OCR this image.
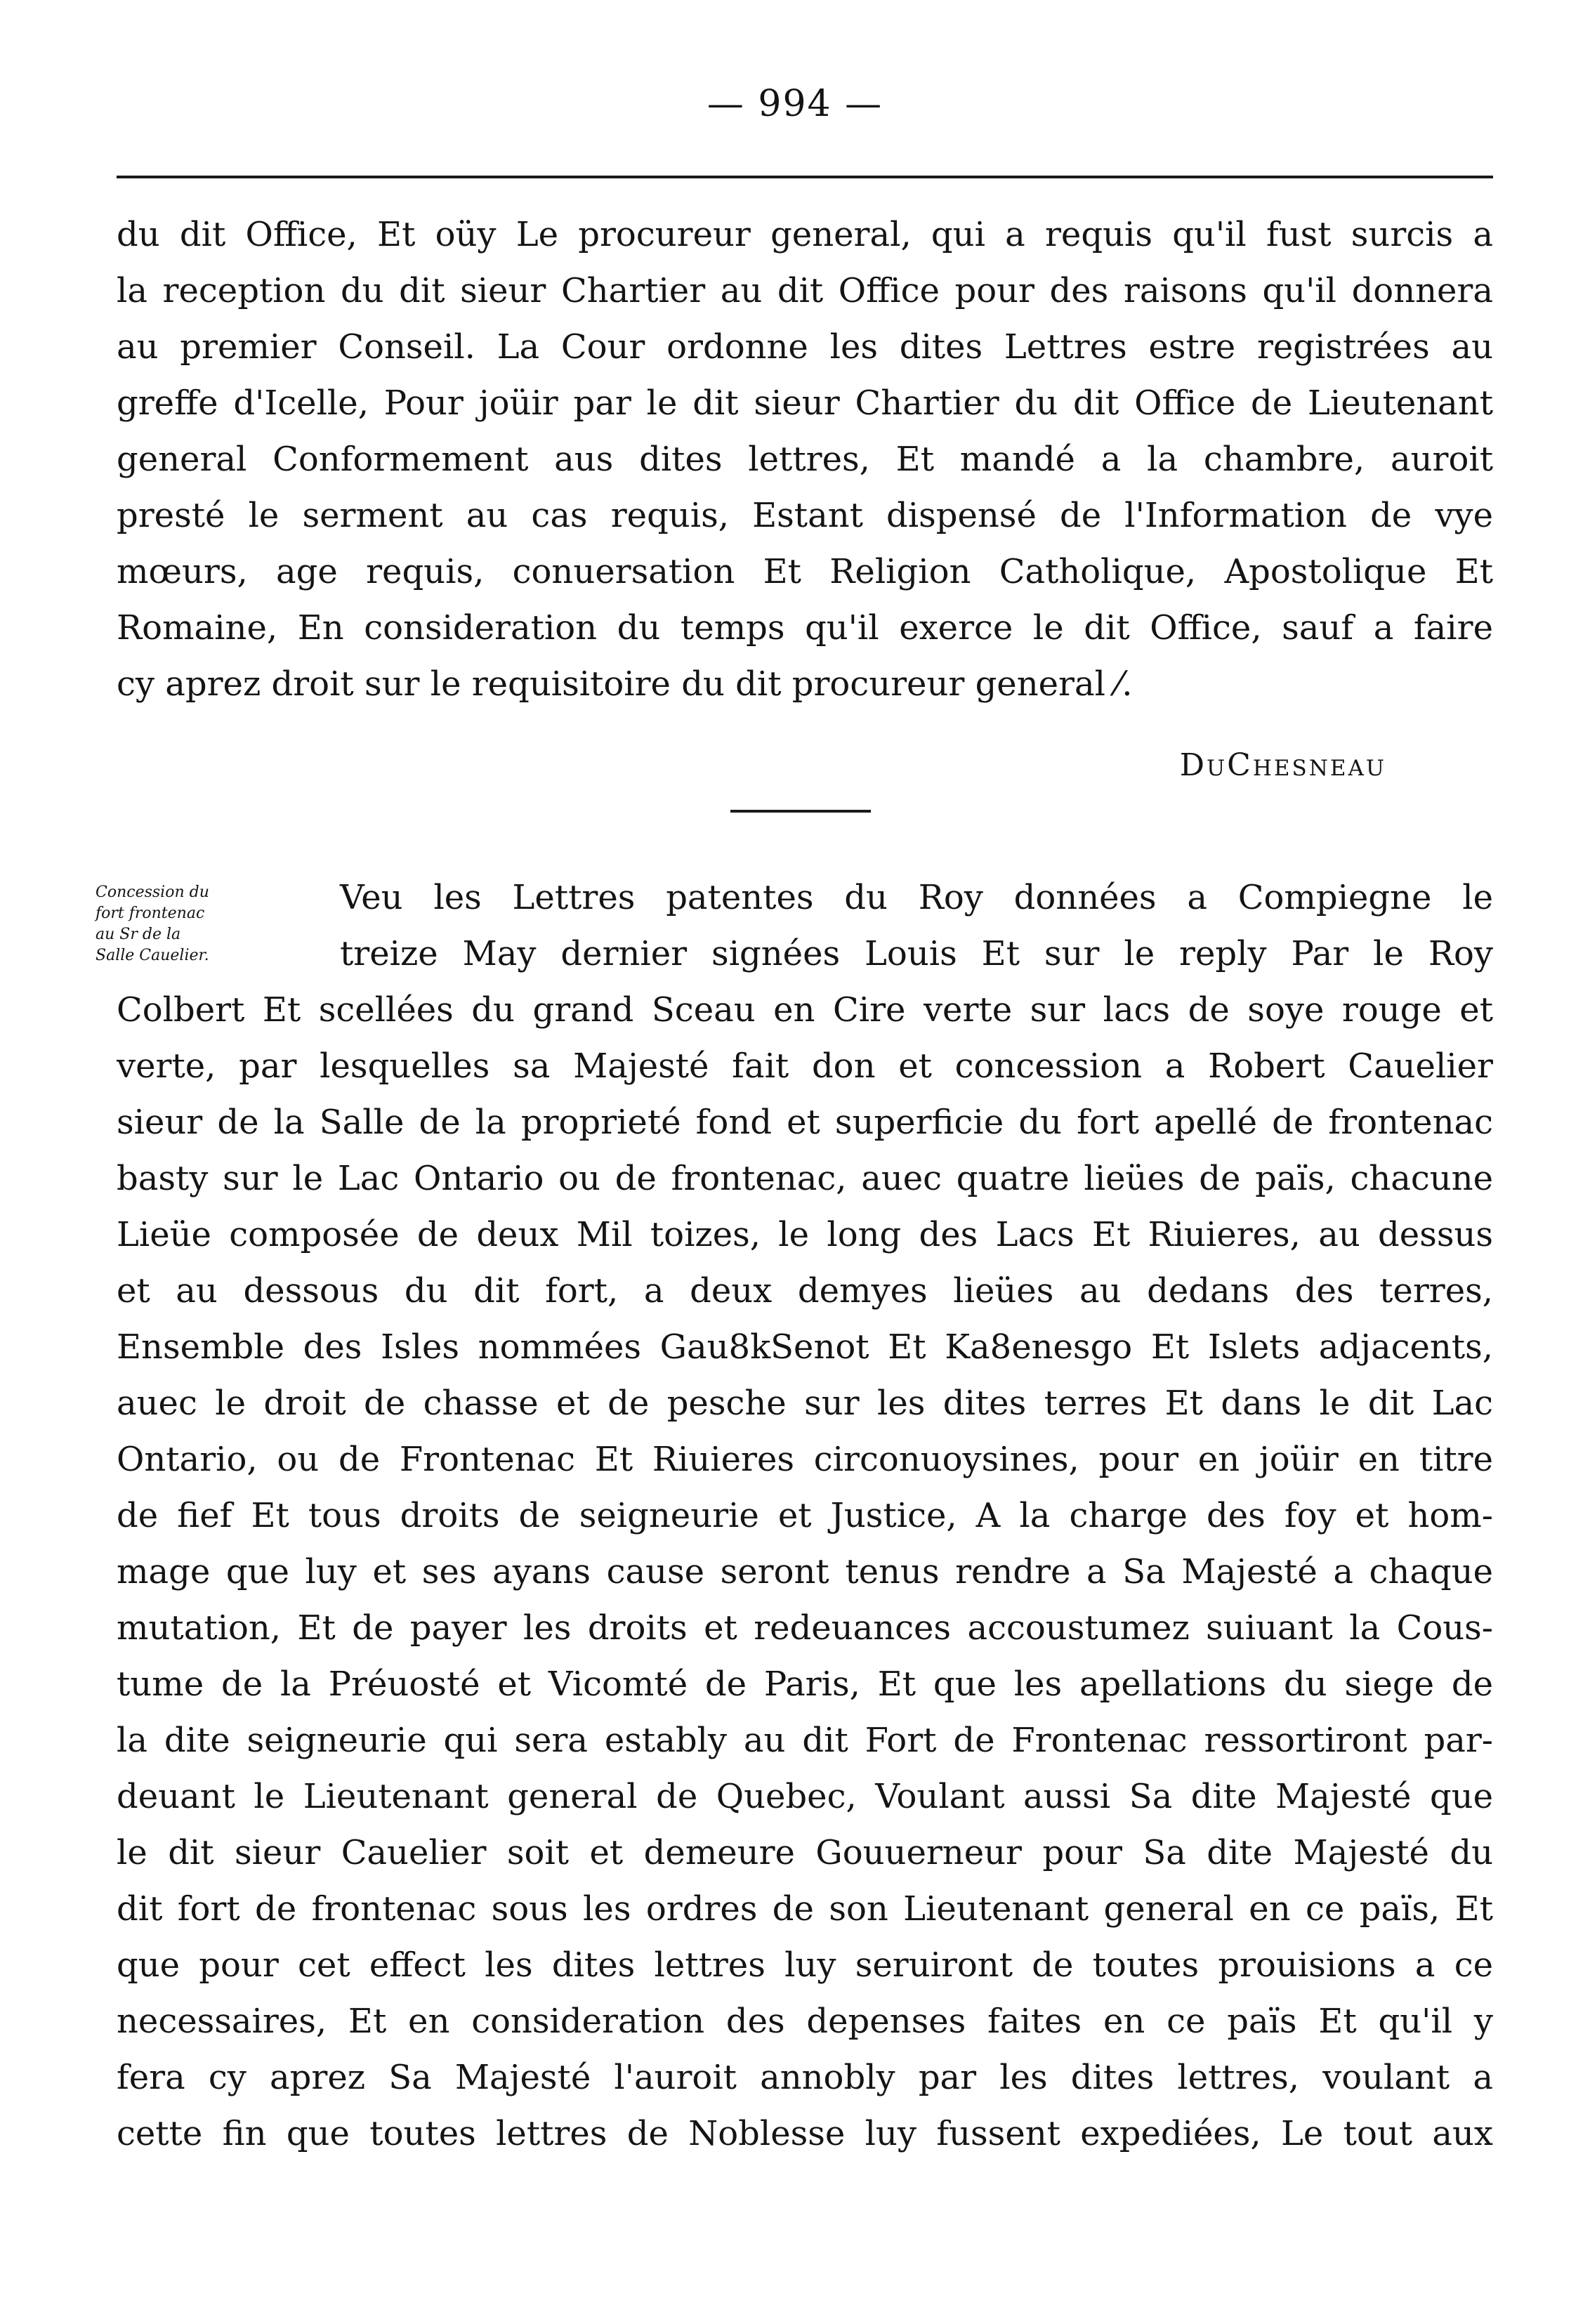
— 994 —
du dit Office, Et oüy Le procureur general, qui a requis qu'il fust surcis a
la reception du dit sieur Chartier au dit Office pour des raisons qu'il donnera
au premier Conseil. La Cour ordonne les dites Lettres estre registrées au
greffe d'Icelle, Pour joüir par le dit sieur Chartier du dit Office de Lieutenant
general Conformement aus dites lettres, Et mandé a la chambre, auroit
presté le serment au cas requis, Estant dispensé de l'Information de vye
mœurs, age requis, conuersation Et Religion Catholique, Apostolique Et
Romaine, En consideration du temps qu'il exerce le dit Office, sauf a faire
cy aprez droit sur le requisitoire du dit procureur general ⁄.
DuChesneau
Concession du
fort frontenac
au Sr de la
Salle Cauelier.
Veu les Lettres patentes du Roy données a Compiegne le
treize May dernier signées Louis Et sur le reply Par le Roy
Colbert Et scellées du grand Sceau en Cire verte sur lacs de soye rouge et
verte, par lesquelles sa Majesté fait don et concession a Robert Cauelier
sieur de la Salle de la proprieté fond et superficie du fort apellé de frontenac
basty sur le Lac Ontario ou de frontenac, auec quatre lieües de païs, chacune
Lieüe composée de deux Mil toizes, le long des Lacs Et Riuieres, au dessus
et au dessous du dit fort, a deux demyes lieües au dedans des terres,
Ensemble des Isles nommées Gau8kSenot Et Ka8enesgo Et Islets adjacents,
auec le droit de chasse et de pesche sur les dites terres Et dans le dit Lac
Ontario, ou de Frontenac Et Riuieres circonuoysines, pour en joüir en titre
de fief Et tous droits de seigneurie et Justice, A la charge des foy et hom-
mage que luy et ses ayans cause seront tenus rendre a Sa Majesté a chaque
mutation, Et de payer les droits et redeuances accoustumez suiuant la Cous-
tume de la Préuosté et Vicomté de Paris, Et que les apellations du siege de
la dite seigneurie qui sera estably au dit Fort de Frontenac ressortiront par-
deuant le Lieutenant general de Quebec, Voulant aussi Sa dite Majesté que
le dit sieur Cauelier soit et demeure Gouuerneur pour Sa dite Majesté du
dit fort de frontenac sous les ordres de son Lieutenant general en ce païs, Et
que pour cet effect les dites lettres luy seruiront de toutes prouisions a ce
necessaires, Et en consideration des depenses faites en ce païs Et qu'il y
fera cy aprez Sa Majesté l'auroit annobly par les dites lettres, voulant a
cette fin que toutes lettres de Noblesse luy fussent expediées, Le tout aux
